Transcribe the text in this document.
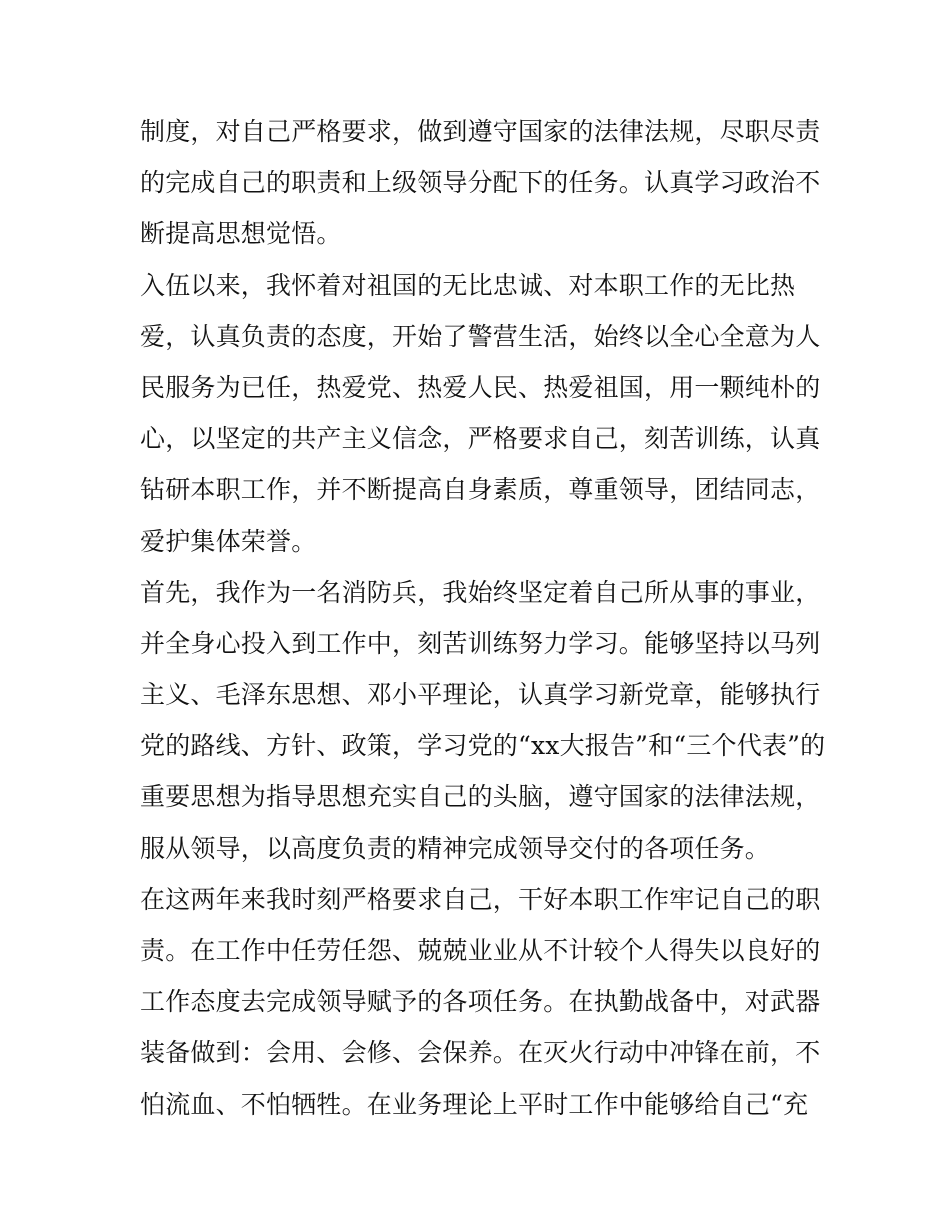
制度，对自己严格要求，做到遵守国家的法律法规，尽职尽责
的完成自己的职责和上级领导分配下的任务。认真学习政治不
断提高思想觉悟。
入伍以来，我怀着对祖国的无比忠诚、对本职工作的无比热
爱，认真负责的态度，开始了警营生活，始终以全心全意为人
民服务为已任，热爱党、热爱人民、热爱祖国，用一颗纯朴的
心，以坚定的共产主义信念，严格要求自己，刻苦训练，认真
钻研本职工作，并不断提高自身素质，尊重领导，团结同志，
爱护集体荣誉。
首先，我作为一名消防兵，我始终坚定着自己所从事的事业，
并全身心投入到工作中，刻苦训练努力学习。能够坚持以马列
主义、毛泽东思想、邓小平理论，认真学习新党章，能够执行
党的路线、方针、政策，学习党的“xx大报告”和“三个代表”的
重要思想为指导思想充实自己的头脑，遵守国家的法律法规，
服从领导，以高度负责的精神完成领导交付的各项任务。
在这两年来我时刻严格要求自己，干好本职工作牢记自己的职
责。在工作中任劳任怨、兢兢业业从不计较个人得失以良好的
工作态度去完成领导赋予的各项任务。在执勤战备中，对武器
装备做到：会用、会修、会保养。在灭火行动中冲锋在前，不
怕流血、不怕牺牲。在业务理论上平时工作中能够给自己“充
